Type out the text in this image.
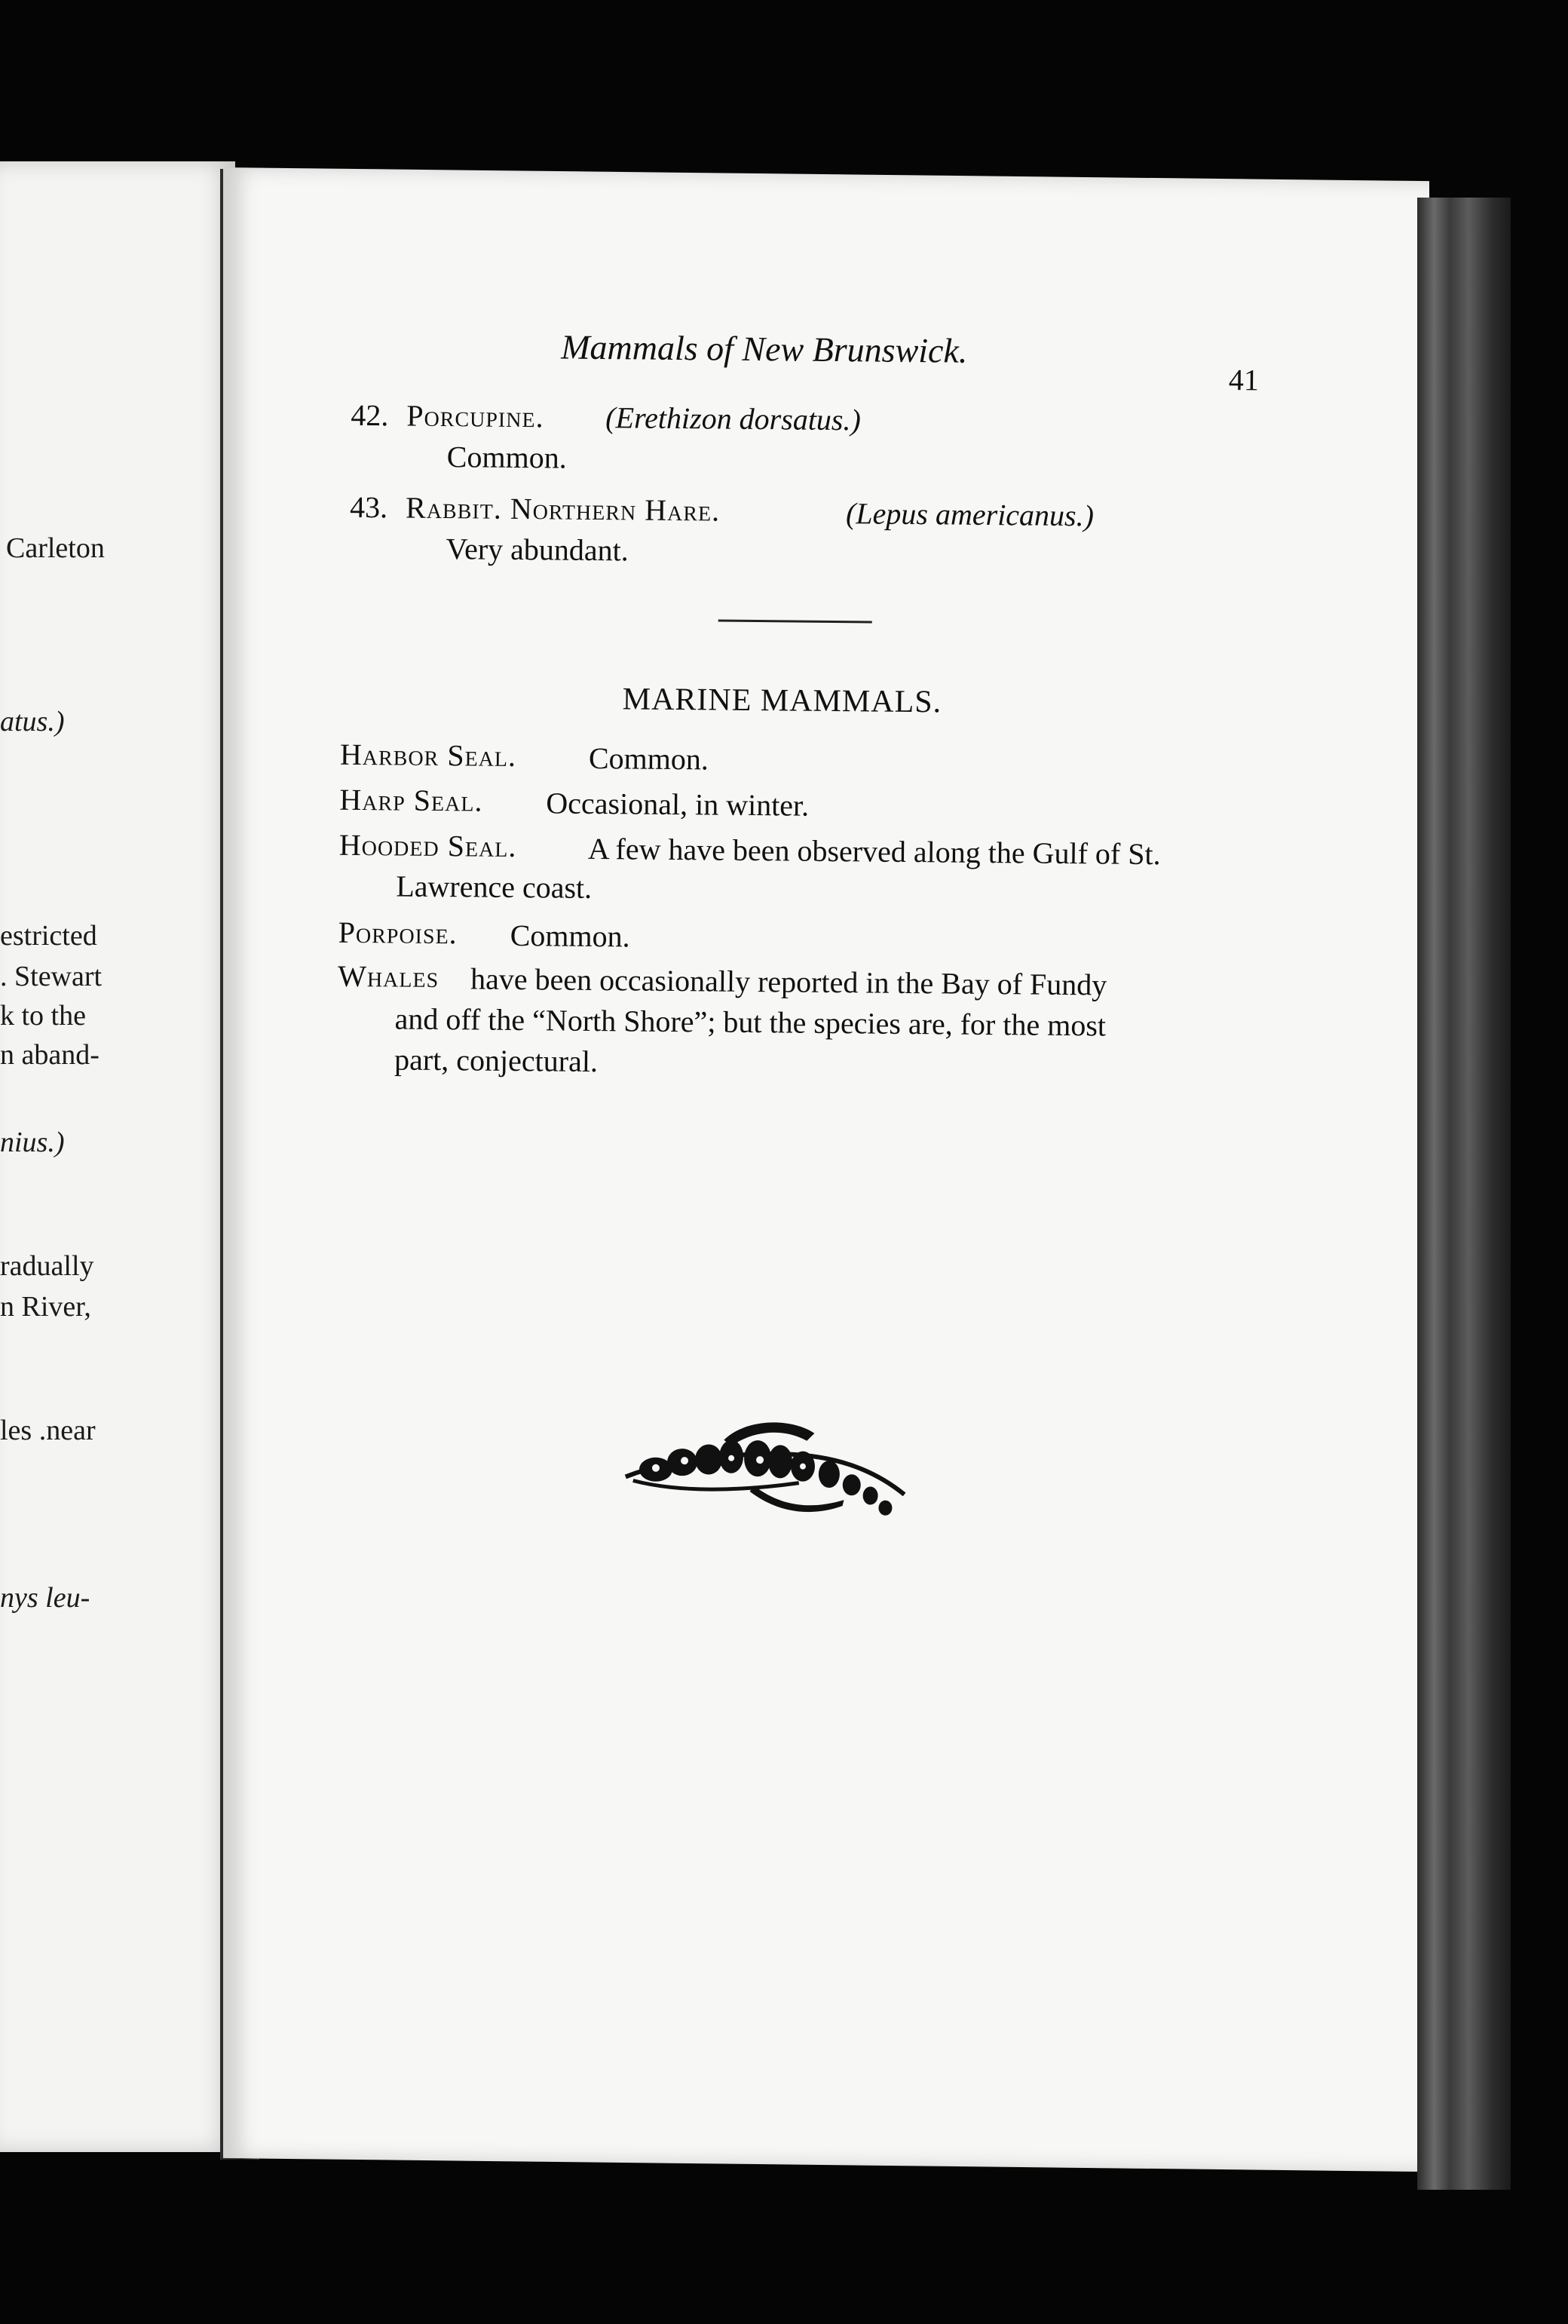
Carleton
atus.)
estricted
. Stewart
k to the
n aband-
nius.)
radually
n River,
les .near
nys leu-
Mammals of New Brunswick.
41
42. Porcupine. (Erethizon dorsatus.)
Common.
43. Rabbit. Northern Hare.	(Lepus americanus.)
Very abundant.
MARINE MAMMALS.
Harbor Seal. Common.
Harp Seal. Occasional, in winter.
Hooded Seal. A few have been observed along the Gulf of St.
Lawrence coast.
Porpoise. Common.
Whales have been occasionally reported in the Bay of Fundy
and off the “North Shore”; but the species are, for the most
part, conjectural.
